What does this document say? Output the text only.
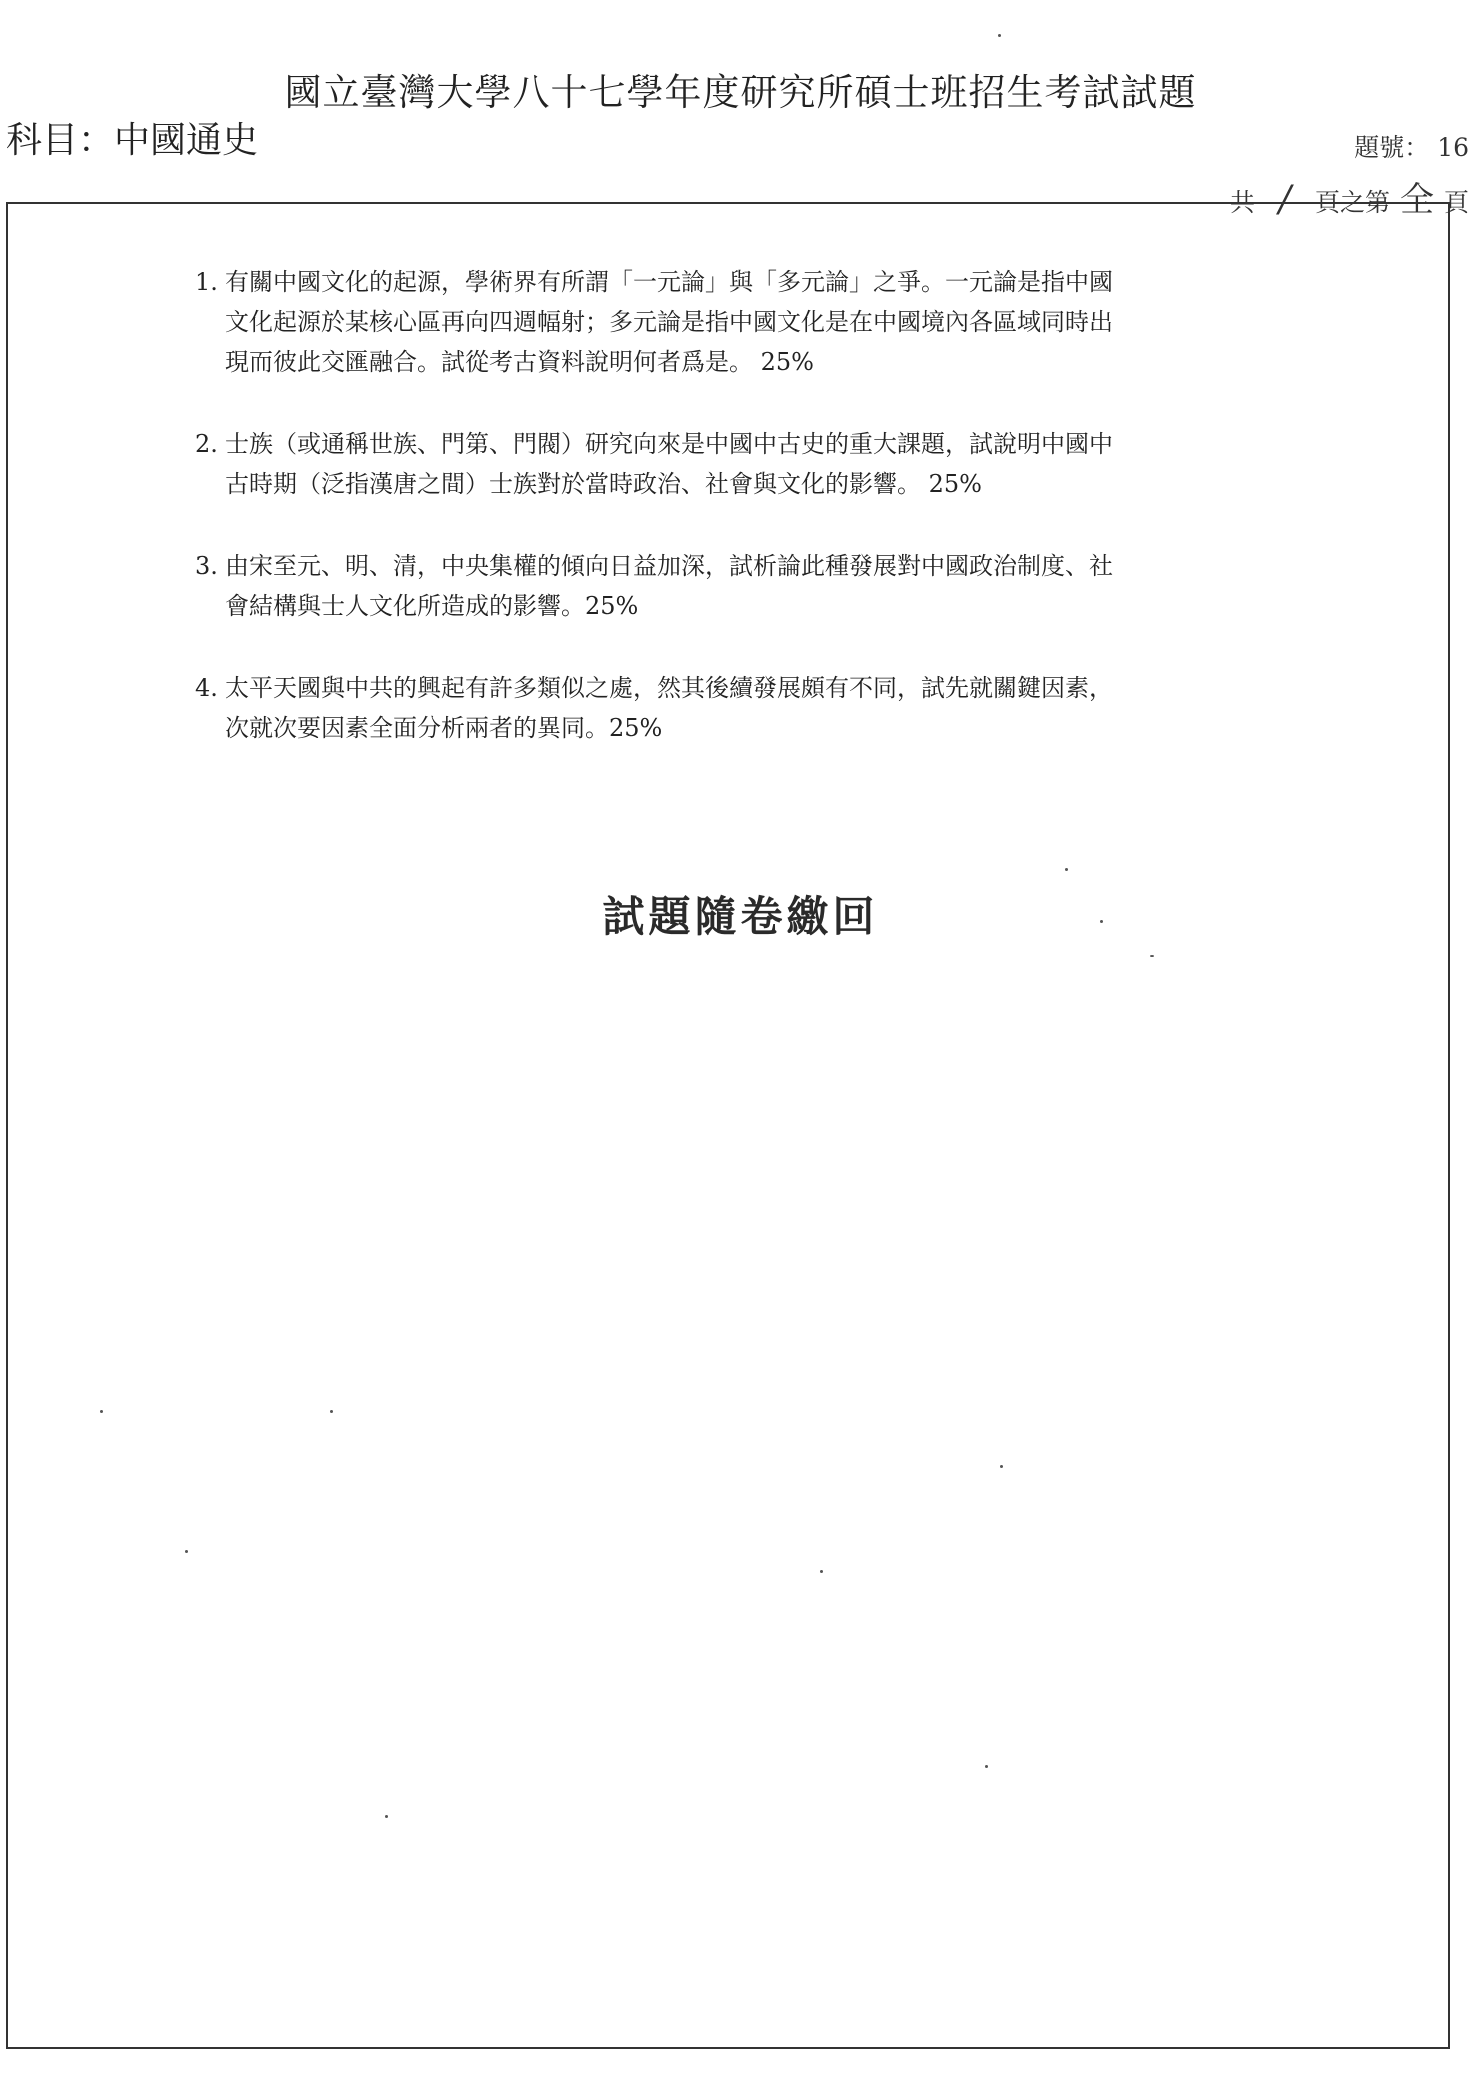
國立臺灣大學八十七學年度研究所碩士班招生考試試題
科目：中國通史	題號： 16
共 / 頁之第 全 頁
1. 有關中國文化的起源，學術界有所謂「一元論」與「多元論」之爭。一元論是指中國文化起源於某核心區再向四週幅射；多元論是指中國文化是在中國境內各區域同時出現而彼此交匯融合。試從考古資料說明何者爲是。 25%
2. 士族（或通稱世族、門第、門閥）研究向來是中國中古史的重大課題，試說明中國中古時期（泛指漢唐之間）士族對於當時政治、社會與文化的影響。 25%
3. 由宋至元、明、清，中央集權的傾向日益加深，試析論此種發展對中國政治制度、社會結構與士人文化所造成的影響。25%
4. 太平天國與中共的興起有許多類似之處，然其後續發展頗有不同，試先就關鍵因素，次就次要因素全面分析兩者的異同。25%
試題隨卷繳回
